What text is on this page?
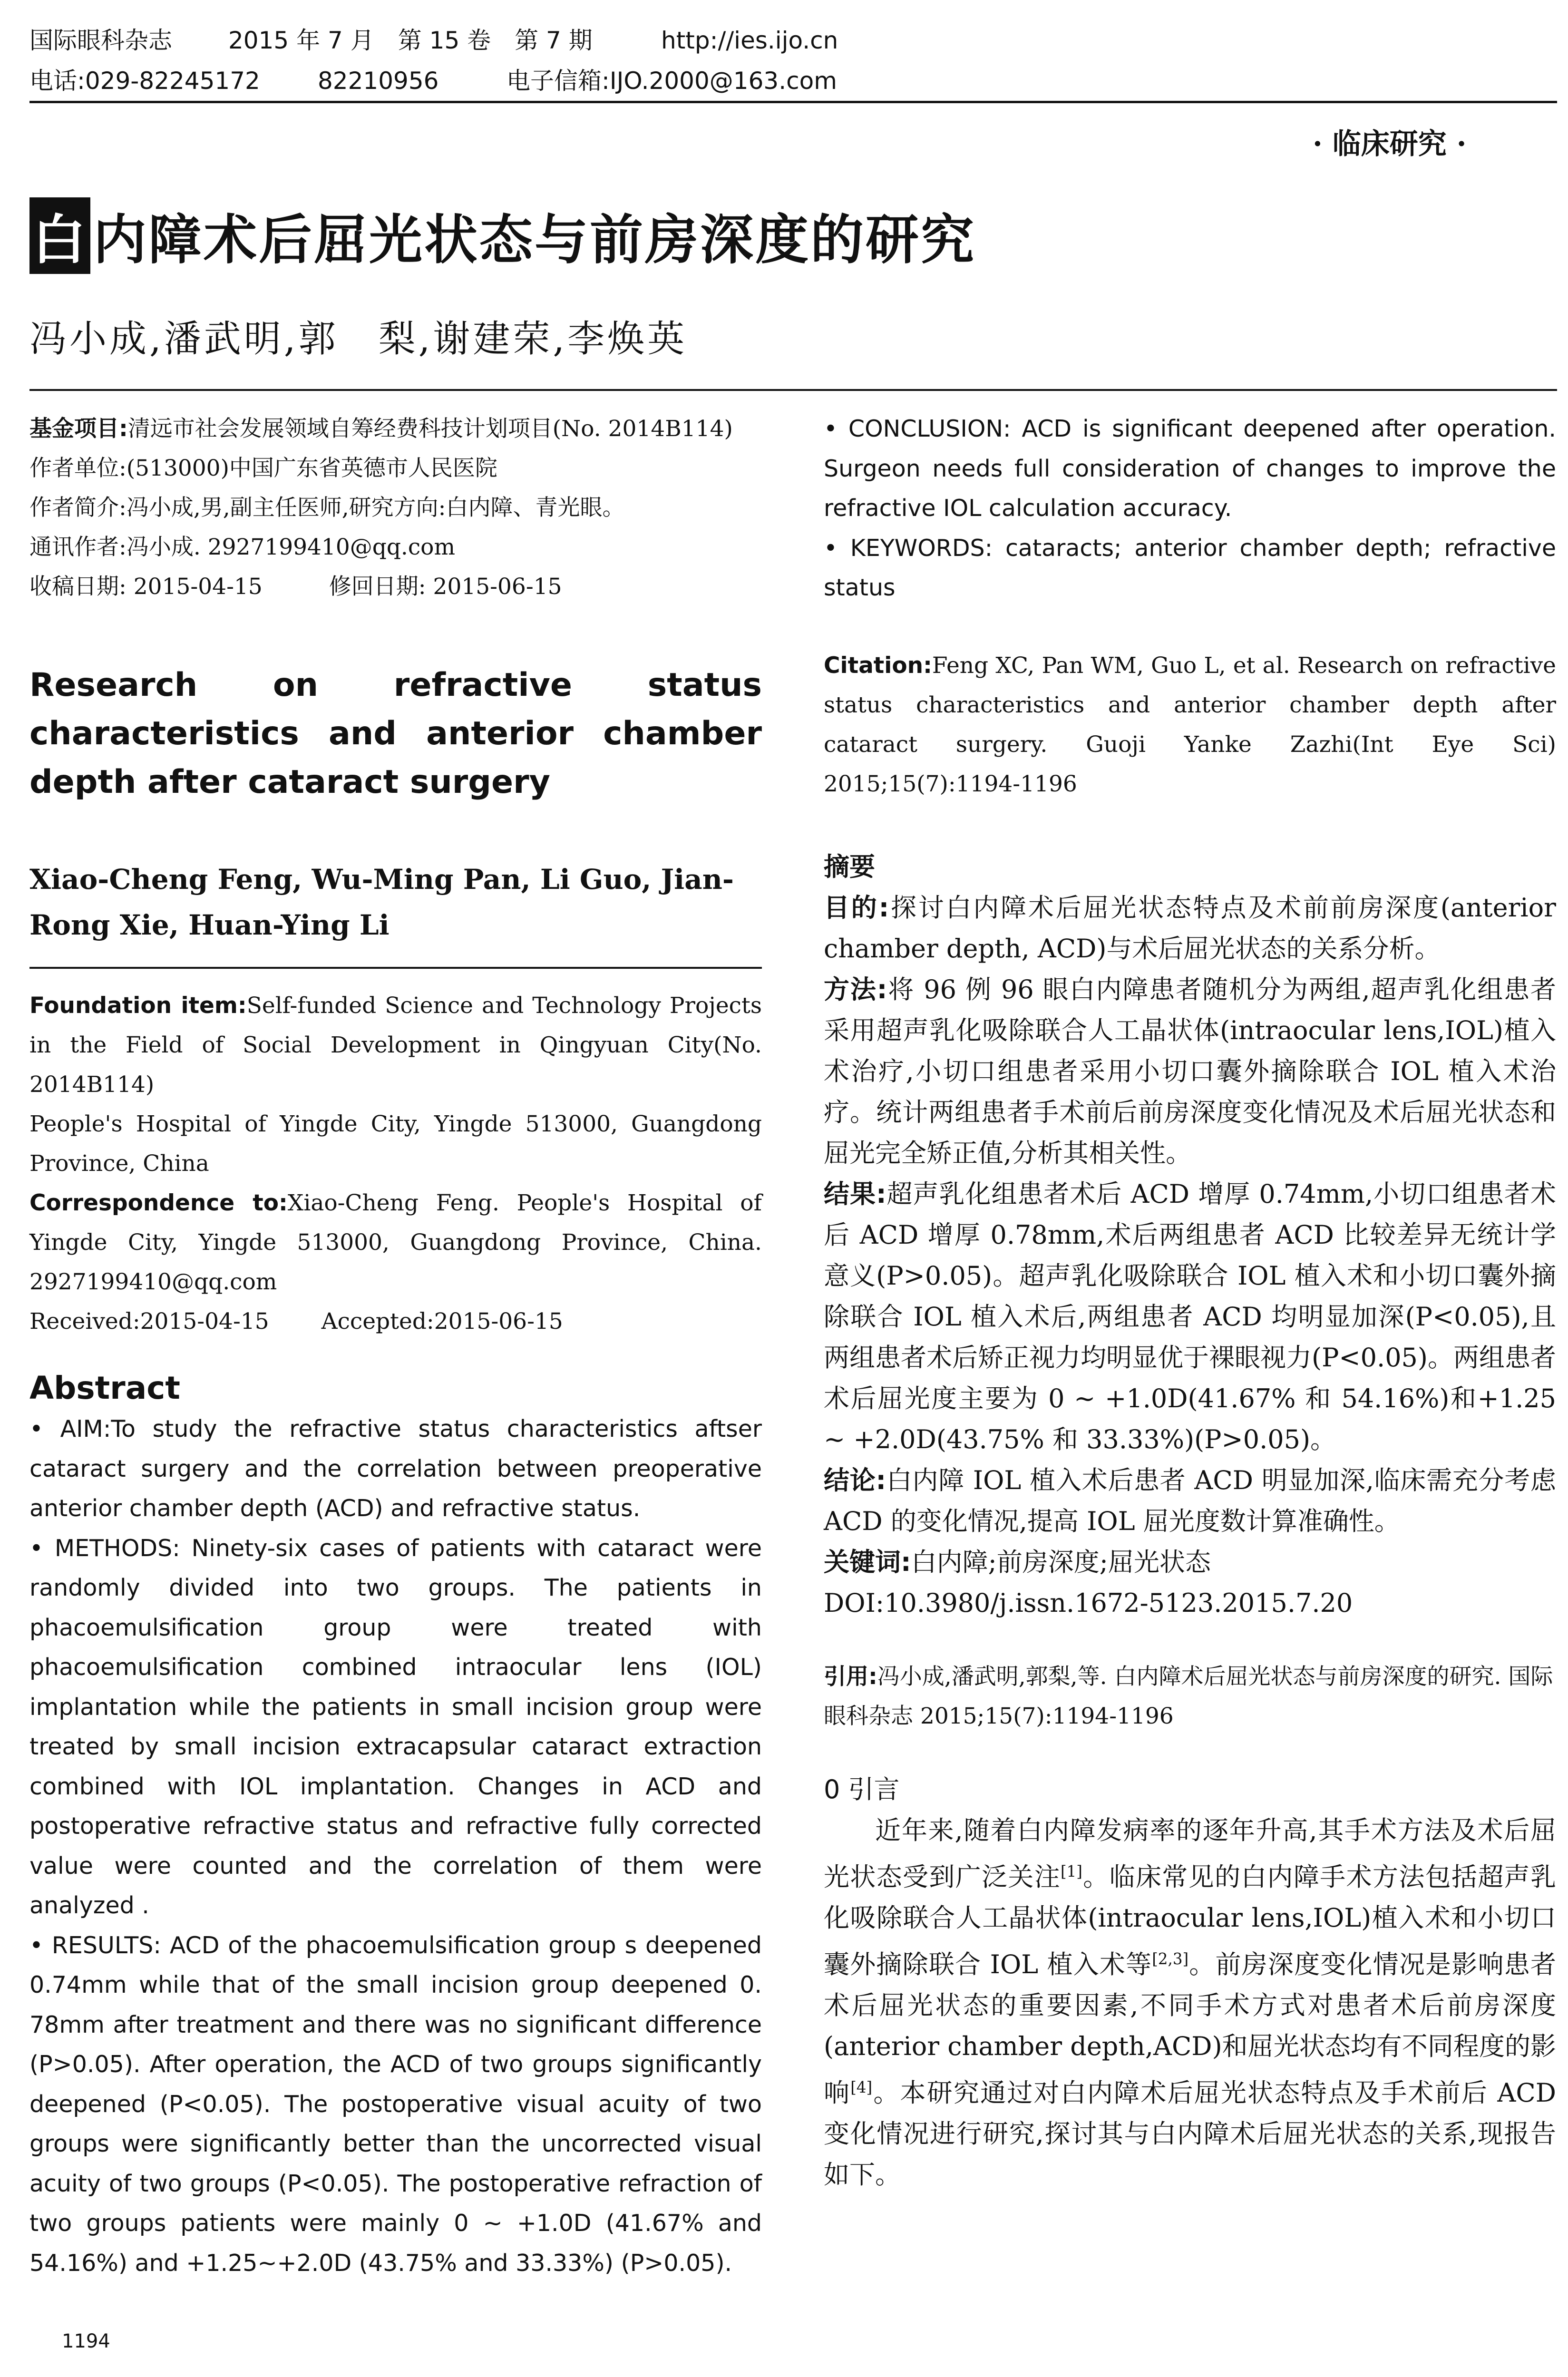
国际眼科杂志 2015 年 7 月　第 15 卷　第 7 期	http://ies.ijo.cn
电话:029-82245172 82210956	电子信箱:IJO.2000@163.com
· 临床研究 ·
白 内障术后屈光状态与前房深度的研究
冯小成,潘武明,郭　梨,谢建荣,李焕英

基金项目:清远市社会发展领域自筹经费科技计划项目(No. 2014B114)

作者单位:(513000)中国广东省英德市人民医院

作者简介:冯小成,男,副主任医师,研究方向:白内障、青光眼。

通讯作者:冯小成. 2927199410@qq.com

收稿日期: 2015-04-15	修回日期: 2015-06-15

Research on refractive status characteristics and anterior chamber depth after cataract surgery
Xiao-Cheng Feng, Wu-Ming Pan, Li Guo, Jian-Rong Xie, Huan-Ying Li

Foundation item:Self-funded Science and Technology Projects in the Field of Social Development in Qingyuan City(No. 2014B114)

People's Hospital of Yingde City, Yingde 513000, Guangdong Province, China

Correspondence to:Xiao-Cheng Feng. People's Hospital of Yingde City, Yingde 513000, Guangdong Province, China. 2927199410@qq.com

Received:2015-04-15 Accepted:2015-06-15

Abstract

• AIM:To study the refractive status characteristics aftser cataract surgery and the correlation between preoperative anterior chamber depth (ACD) and refractive status.

• METHODS: Ninety-six cases of patients with cataract were randomly divided into two groups. The patients in phacoemulsification group were treated with phacoemulsification combined intraocular lens (IOL) implantation while the patients in small incision group were treated by small incision extracapsular cataract extraction combined with IOL implantation. Changes in ACD and postoperative refractive status and refractive fully corrected value were counted and the correlation of them were analyzed .

• RESULTS: ACD of the phacoemulsification group s deepened 0.74mm while that of the small incision group deepened 0. 78mm after treatment and there was no significant difference (P>0.05). After operation, the ACD of two groups significantly deepened (P<0.05). The postoperative visual acuity of two groups were significantly better than the uncorrected visual acuity of two groups (P<0.05). The postoperative refraction of two groups patients were mainly 0 ~ +1.0D (41.67% and 54.16%) and +1.25~+2.0D (43.75% and 33.33%) (P>0.05).

1194

• CONCLUSION: ACD is significant deepened after operation. Surgeon needs full consideration of changes to improve the refractive IOL calculation accuracy.

• KEYWORDS: cataracts; anterior chamber depth; refractive status

Citation:Feng XC, Pan WM, Guo L, et al. Research on refractive status characteristics and anterior chamber depth after cataract surgery. Guoji Yanke Zazhi(Int Eye Sci) 2015;15(7):1194-1196

摘要

目的:探讨白内障术后屈光状态特点及术前前房深度(anterior chamber depth, ACD)与术后屈光状态的关系分析。

方法:将 96 例 96 眼白内障患者随机分为两组,超声乳化组患者采用超声乳化吸除联合人工晶状体(intraocular lens,IOL)植入术治疗,小切口组患者采用小切口囊外摘除联合 IOL 植入术治疗。统计两组患者手术前后前房深度变化情况及术后屈光状态和屈光完全矫正值,分析其相关性。

结果:超声乳化组患者术后 ACD 增厚 0.74mm,小切口组患者术后 ACD 增厚 0.78mm,术后两组患者 ACD 比较差异无统计学意义(P>0.05)。超声乳化吸除联合 IOL 植入术和小切口囊外摘除联合 IOL 植入术后,两组患者 ACD 均明显加深(P<0.05),且两组患者术后矫正视力均明显优于裸眼视力(P<0.05)。两组患者术后屈光度主要为 0 ~ +1.0D(41.67% 和 54.16%)和+1.25 ~ +2.0D(43.75% 和 33.33%)(P>0.05)。

结论:白内障 IOL 植入术后患者 ACD 明显加深,临床需充分考虑 ACD 的变化情况,提高 IOL 屈光度数计算准确性。

关键词:白内障;前房深度;屈光状态

DOI:10.3980/j.issn.1672-5123.2015.7.20

引用:冯小成,潘武明,郭梨,等. 白内障术后屈光状态与前房深度的研究. 国际眼科杂志 2015;15(7):1194-1196

0 引言

近年来,随着白内障发病率的逐年升高,其手术方法及术后屈光状态受到广泛关注[1]。临床常见的白内障手术方法包括超声乳化吸除联合人工晶状体(intraocular lens,IOL)植入术和小切口囊外摘除联合 IOL 植入术等[2,3]。前房深度变化情况是影响患者术后屈光状态的重要因素,不同手术方式对患者术后前房深度(anterior chamber depth,ACD)和屈光状态均有不同程度的影响[4]。本研究通过对白内障术后屈光状态特点及手术前后 ACD 变化情况进行研究,探讨其与白内障术后屈光状态的关系,现报告如下。
